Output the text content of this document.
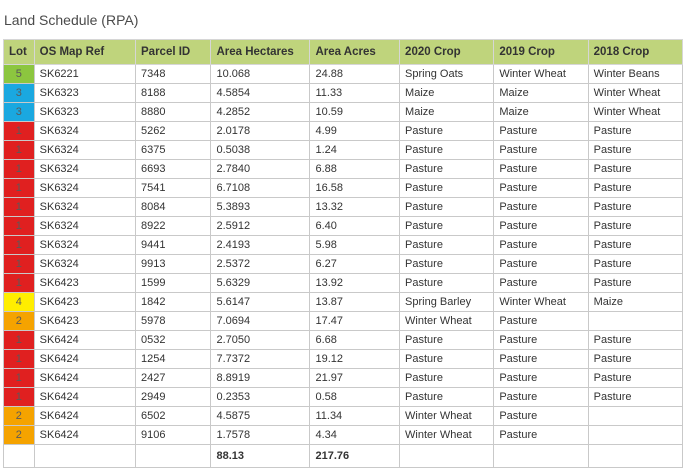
Land Schedule (RPA)
Lot	OS Map Ref	Parcel ID	Area Hectares	Area Acres	2020 Crop	2019 Crop	2018 Crop
5	SK6221	7348	10.068	24.88	Spring Oats	Winter Wheat	Winter Beans
3	SK6323	8188	4.5854	11.33	Maize	Maize	Winter Wheat
3	SK6323	8880	4.2852	10.59	Maize	Maize	Winter Wheat
1	SK6324	5262	2.0178	4.99	Pasture	Pasture	Pasture
1	SK6324	6375	0.5038	1.24	Pasture	Pasture	Pasture
1	SK6324	6693	2.7840	6.88	Pasture	Pasture	Pasture
1	SK6324	7541	6.7108	16.58	Pasture	Pasture	Pasture
1	SK6324	8084	5.3893	13.32	Pasture	Pasture	Pasture
1	SK6324	8922	2.5912	6.40	Pasture	Pasture	Pasture
1	SK6324	9441	2.4193	5.98	Pasture	Pasture	Pasture
1	SK6324	9913	2.5372	6.27	Pasture	Pasture	Pasture
1	SK6423	1599	5.6329	13.92	Pasture	Pasture	Pasture
4	SK6423	1842	5.6147	13.87	Spring Barley	Winter Wheat	Maize
2	SK6423	5978	7.0694	17.47	Winter Wheat	Pasture	
1	SK6424	0532	2.7050	6.68	Pasture	Pasture	Pasture
1	SK6424	1254	7.7372	19.12	Pasture	Pasture	Pasture
1	SK6424	2427	8.8919	21.97	Pasture	Pasture	Pasture
1	SK6424	2949	0.2353	0.58	Pasture	Pasture	Pasture
2	SK6424	6502	4.5875	11.34	Winter Wheat	Pasture	
2	SK6424	9106	1.7578	4.34	Winter Wheat	Pasture	
			88.13	217.76			
